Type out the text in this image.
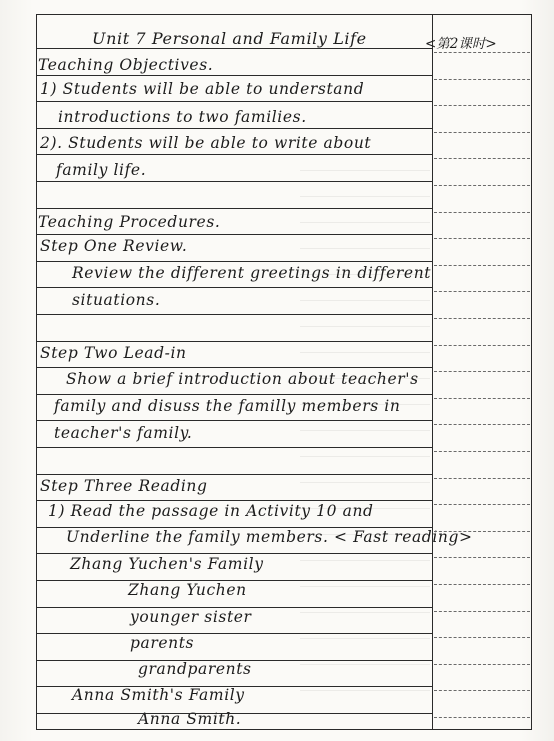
<第2课时>
Unit 7 Personal and Family Life
Teaching Objectives.
1) Students will be able to understand
introductions to two families.
2). Students will be able to write about
family life.
Teaching Procedures.
Step One Review.
Review the different greetings in different
situations.
Step Two Lead-in
Show a brief introduction about teacher's
family and disuss the familly members in
teacher's family.
Step Three Reading
1) Read the passage in Activity 10 and
Underline the family members. < Fast reading>
Zhang Yuchen's Family
Zhang Yuchen
younger sister
parents
grandparents
Anna Smith's Family
Anna Smith.
